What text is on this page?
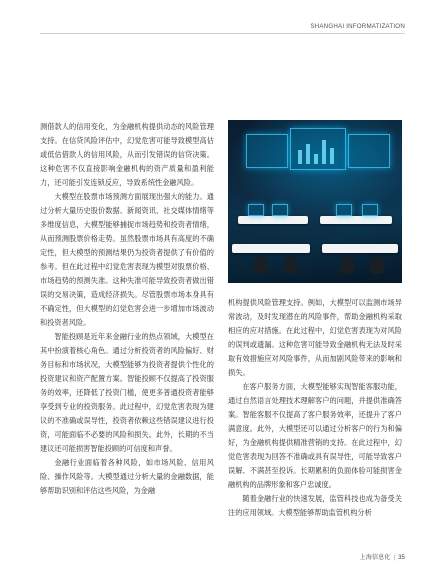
SHANGHAI INFORMATIZATION

测借款人的信用变化，为金融机构提供动态的风险管理支持。在信贷风险评估中，幻觉危害可能导致模型高估或低估借款人的信用风险，从而引发错误的信贷决策。这种危害不仅直接影响金融机构的资产质量和盈利能力，还可能引发连锁反应，导致系统性金融风险。

大模型在股票市场预测方面展现出强大的能力。通过分析大量历史股价数据、新闻资讯、社交媒体情绪等多维度信息，大模型能够捕捉市场趋势和投资者情绪，从而预测股票价格走势。虽然股票市场具有高度的不确定性，但大模型的预测结果仍为投资者提供了有价值的参考。但在此过程中幻觉危害表现为模型对股票价格、市场趋势的预测失准。这种失准可能导致投资者做出错误的交易决策，造成经济损失。尽管股票市场本身具有不确定性，但大模型的幻觉危害会进一步增加市场波动和投资者风险。

智能投顾是近年来金融行业的热点领域，大模型在其中扮演着核心角色。通过分析投资者的风险偏好、财务目标和市场状况，大模型能够为投资者提供个性化的投资建议和资产配置方案。智能投顾不仅提高了投资服务的效率，还降低了投资门槛，使更多普通投资者能够享受到专业的投资服务。此过程中，幻觉危害表现为建议的不准确或误导性，投资者依赖这些错误建议进行投资，可能面临不必要的风险和损失。此外，长期的不当建议还可能损害智能投顾的可信度和声誉。

金融行业面临着各种风险，如市场风险、信用风险、操作风险等。大模型通过分析大量的金融数据，能够帮助识别和评估这些风险，为金融

机构提供风险管理支持。例如，大模型可以监测市场异常波动，及时发现潜在的风险事件，帮助金融机构采取相应的应对措施。在此过程中，幻觉危害表现为对风险的误判或遗漏。这种危害可能导致金融机构无法及时采取有效措施应对风险事件，从而加剧风险带来的影响和损失。

在客户服务方面，大模型能够实现智能客服功能，通过自然语言处理技术理解客户的问题，并提供准确答案。智能客服不仅提高了客户服务效率，还提升了客户满意度。此外，大模型还可以通过分析客户的行为和偏好，为金融机构提供精准营销的支持。在此过程中，幻觉危害表现为回答不准确或具有误导性，可能导致客户误解、不满甚至投诉。长期累积的负面体验可能损害金融机构的品牌形象和客户忠诚度。

随着金融行业的快速发展，监管科技也成为备受关注的应用领域。大模型能够帮助监管机构分析

上海信息化 | 35
